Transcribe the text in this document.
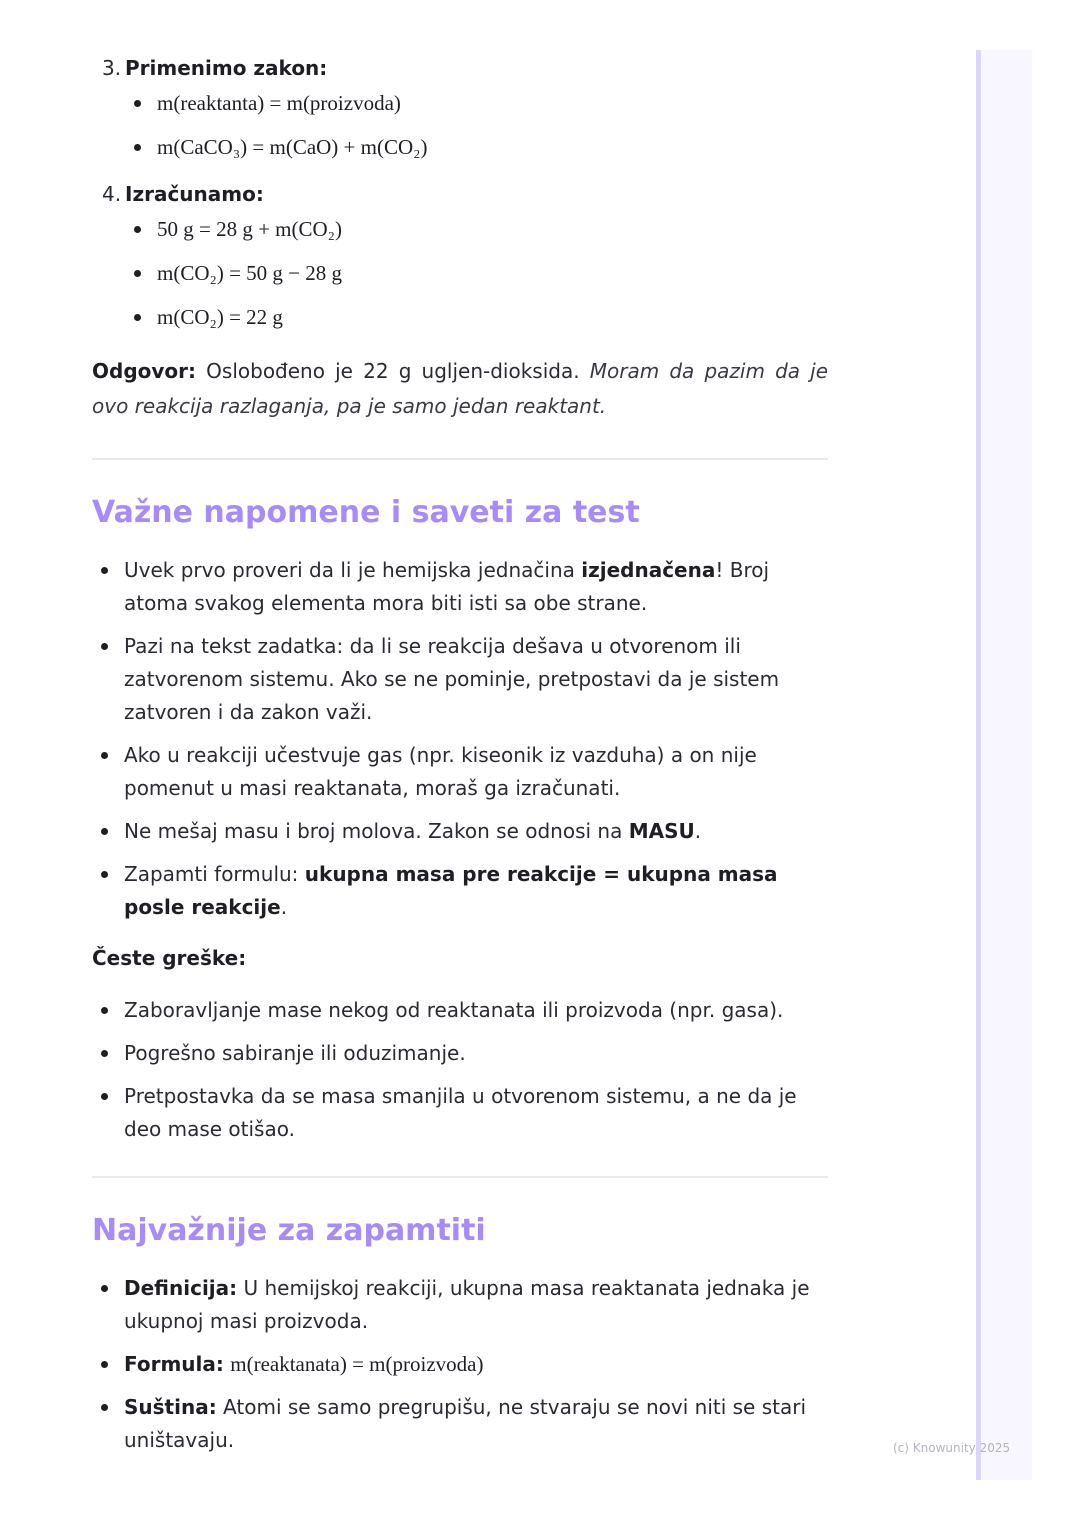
3. Primenimo zakon:
m(reaktanta) = m(proizvoda)
m(CaCO₃) = m(CaO) + m(CO₂)
4. Izračunamo:
50 g = 28 g + m(CO₂)
m(CO₂) = 50 g − 28 g
m(CO₂) = 22 g

Odgovor: Oslobođeno je 22 g ugljen-dioksida. Moram da pazim da je ovo reakcija razlaganja, pa je samo jedan reaktant.

Važne napomene i saveti za test
Uvek prvo proveri da li je hemijska jednačina izjednačena! Broj atoma svakog elementa mora biti isti sa obe strane.
Pazi na tekst zadatka: da li se reakcija dešava u otvorenom ili zatvorenom sistemu. Ako se ne pominje, pretpostavi da je sistem zatvoren i da zakon važi.
Ako u reakciji učestvuje gas (npr. kiseonik iz vazduha) a on nije pomenut u masi reaktanata, moraš ga izračunati.
Ne mešaj masu i broj molova. Zakon se odnosi na MASU.
Zapamti formulu: ukupna masa pre reakcije = ukupna masa posle reakcije.
Česte greške:
Zaboravljanje mase nekog od reaktanata ili proizvoda (npr. gasa).
Pogrešno sabiranje ili oduzimanje.
Pretpostavka da se masa smanjila u otvorenom sistemu, a ne da je deo mase otišao.
Najvažnije za zapamtiti
Definicija: U hemijskoj reakciji, ukupna masa reaktanata jednaka je ukupnoj masi proizvoda.
Formula: m(reaktanata) = m(proizvoda)
Suština: Atomi se samo pregrupišu, ne stvaraju se novi niti se stari uništavaju.	(c) Knowunity 2025
